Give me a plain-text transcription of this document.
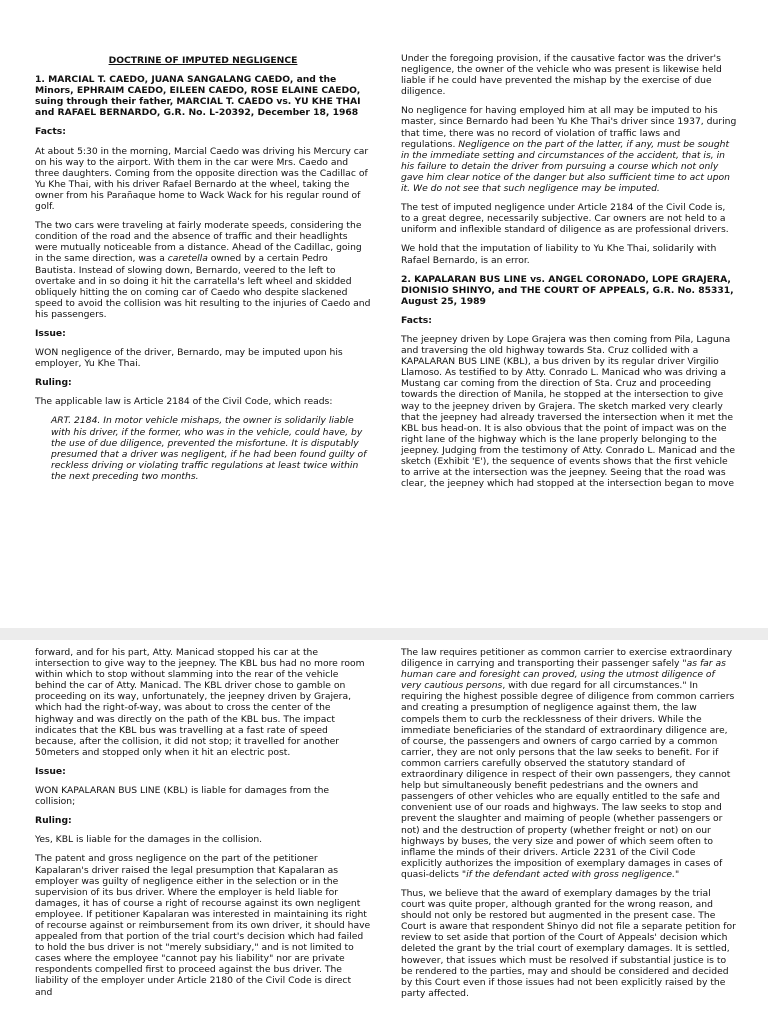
DOCTRINE OF IMPUTED NEGLIGENCE

1. MARCIAL T. CAEDO, JUANA SANGALANG CAEDO, and the Minors, EPHRAIM CAEDO, EILEEN CAEDO, ROSE ELAINE CAEDO, suing through their father, MARCIAL T. CAEDO vs. YU KHE THAI and RAFAEL BERNARDO, G.R. No. L-20392, December 18, 1968

Facts:

At about 5:30 in the morning, Marcial Caedo was driving his Mercury car on his way to the airport. With them in the car were Mrs. Caedo and three daughters. Coming from the opposite direction was the Cadillac of Yu Khe Thai, with his driver Rafael Bernardo at the wheel, taking the owner from his Parañaque home to Wack Wack for his regular round of golf.

The two cars were traveling at fairly moderate speeds, considering the condition of the road and the absence of traffic and their headlights were mutually noticeable from a distance. Ahead of the Cadillac, going in the same direction, was a caretella owned by a certain Pedro Bautista. Instead of slowing down, Bernardo, veered to the left to overtake and in so doing it hit the carratella's left wheel and skidded obliquely hitting the on coming car of Caedo who despite slackened speed to avoid the collision was hit resulting to the injuries of Caedo and his passengers.

Issue:

WON negligence of the driver, Bernardo, may be imputed upon his employer, Yu Khe Thai.

Ruling:

The applicable law is Article 2184 of the Civil Code, which reads:

ART. 2184. In motor vehicle mishaps, the owner is solidarily liable with his driver, if the former, who was in the vehicle, could have, by the use of due diligence, prevented the misfortune. It is disputably presumed that a driver was negligent, if he had been found guilty of reckless driving or violating traffic regulations at least twice within the next preceding two months.

Under the foregoing provision, if the causative factor was the driver's negligence, the owner of the vehicle who was present is likewise held liable if he could have prevented the mishap by the exercise of due diligence.

No negligence for having employed him at all may be imputed to his master, since Bernardo had been Yu Khe Thai's driver since 1937, during that time, there was no record of violation of traffic laws and regulations. Negligence on the part of the latter, if any, must be sought in the immediate setting and circumstances of the accident, that is, in his failure to detain the driver from pursuing a course which not only gave him clear notice of the danger but also sufficient time to act upon it. We do not see that such negligence may be imputed.

The test of imputed negligence under Article 2184 of the Civil Code is, to a great degree, necessarily subjective. Car owners are not held to a uniform and inflexible standard of diligence as are professional drivers.

We hold that the imputation of liability to Yu Khe Thai, solidarily with Rafael Bernardo, is an error.

2. KAPALARAN BUS LINE vs. ANGEL CORONADO, LOPE GRAJERA, DIONISIO SHINYO, and THE COURT OF APPEALS, G.R. No. 85331, August 25, 1989

Facts:

The jeepney driven by Lope Grajera was then coming from Pila, Laguna and traversing the old highway towards Sta. Cruz collided with a KAPALARAN BUS LINE (KBL), a bus driven by its regular driver Virgilio Llamoso. As testified to by Atty. Conrado L. Manicad who was driving a Mustang car coming from the direction of Sta. Cruz and proceeding towards the direction of Manila, he stopped at the intersection to give way to the jeepney driven by Grajera. The sketch marked very clearly that the jeepney had already traversed the intersection when it met the KBL bus head-on. It is also obvious that the point of impact was on the right lane of the highway which is the lane properly belonging to the jeepney. Judging from the testimony of Atty. Conrado L. Manicad and the sketch (Exhibit 'E'), the sequence of events shows that the first vehicle to arrive at the intersection was the jeepney. Seeing that the road was clear, the jeepney which had stopped at the intersection began to move

forward, and for his part, Atty. Manicad stopped his car at the intersection to give way to the jeepney. The KBL bus had no more room within which to stop without slamming into the rear of the vehicle behind the car of Atty. Manicad. The KBL driver chose to gamble on proceeding on its way, unfortunately, the jeepney driven by Grajera, which had the right-of-way, was about to cross the center of the highway and was directly on the path of the KBL bus. The impact indicates that the KBL bus was travelling at a fast rate of speed because, after the collision, it did not stop; it travelled for another 50meters and stopped only when it hit an electric post.

Issue:

WON KAPALARAN BUS LINE (KBL) is liable for damages from the collision;

Ruling:

Yes, KBL is liable for the damages in the collision.

The patent and gross negligence on the part of the petitioner Kapalaran's driver raised the legal presumption that Kapalaran as employer was guilty of negligence either in the selection or in the supervision of its bus driver. Where the employer is held liable for damages, it has of course a right of recourse against its own negligent employee. If petitioner Kapalaran was interested in maintaining its right of recourse against or reimbursement from its own driver, it should have appealed from that portion of the trial court's decision which had failed to hold the bus driver is not "merely subsidiary," and is not limited to cases where the employee "cannot pay his liability" nor are private respondents compelled first to proceed against the bus driver. The liability of the employer under Article 2180 of the Civil Code is direct and

The law requires petitioner as common carrier to exercise extraordinary diligence in carrying and transporting their passenger safely "as far as human care and foresight can proved, using the utmost diligence of very cautious persons, with due regard for all circumstances." In requiring the highest possible degree of diligence from common carriers and creating a presumption of negligence against them, the law compels them to curb the recklessness of their drivers. While the immediate beneficiaries of the standard of extraordinary diligence are, of course, the passengers and owners of cargo carried by a common carrier, they are not only persons that the law seeks to benefit. For if common carriers carefully observed the statutory standard of extraordinary diligence in respect of their own passengers, they cannot help but simultaneously benefit pedestrians and the owners and passengers of other vehicles who are equally entitled to the safe and convenient use of our roads and highways. The law seeks to stop and prevent the slaughter and maiming of people (whether passengers or not) and the destruction of property (whether freight or not) on our highways by buses, the very size and power of which seem often to inflame the minds of their drivers. Article 2231 of the Civil Code explicitly authorizes the imposition of exemplary damages in cases of quasi-delicts "if the defendant acted with gross negligence."

Thus, we believe that the award of exemplary damages by the trial court was quite proper, although granted for the wrong reason, and should not only be restored but augmented in the present case. The Court is aware that respondent Shinyo did not file a separate petition for review to set aside that portion of the Court of Appeals' decision which deleted the grant by the trial court of exemplary damages. It is settled, however, that issues which must be resolved if substantial justice is to be rendered to the parties, may and should be considered and decided by this Court even if those issues had not been explicitly raised by the party affected.
